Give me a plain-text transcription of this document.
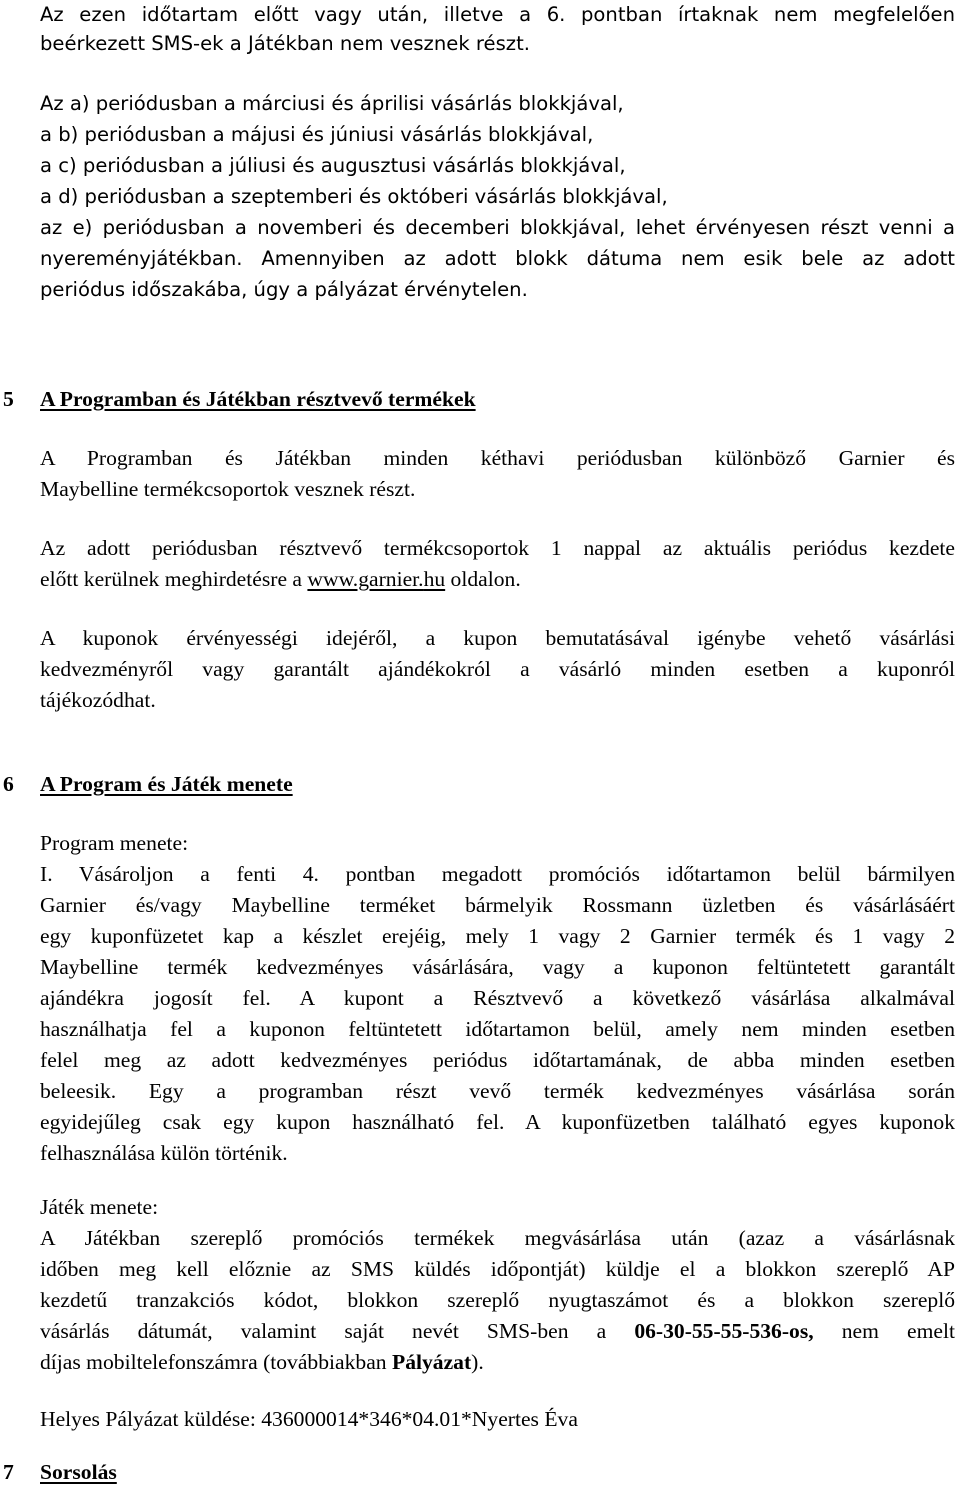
Az ezen időtartam előtt vagy után, illetve a 6. pontban írtaknak nem megfelelően
beérkezett SMS-ek a Játékban nem vesznek részt.
Az a) periódusban a márciusi és áprilisi vásárlás blokkjával,
a b) periódusban a májusi és júniusi vásárlás blokkjával,
a c) periódusban a júliusi és augusztusi vásárlás blokkjával,
a d) periódusban a szeptemberi és októberi vásárlás blokkjával,
az e) periódusban a novemberi és decemberi blokkjával, lehet érvényesen részt venni a
nyereményjátékban. Amennyiben az adott blokk dátuma nem esik bele az adott
periódus időszakába, úgy a pályázat érvénytelen.
5 A Programban és Játékban résztvevő termékek
A Programban és Játékban minden kéthavi periódusban különböző Garnier és
Maybelline termékcsoportok vesznek részt.
Az adott periódusban résztvevő termékcsoportok 1 nappal az aktuális periódus kezdete
előtt kerülnek meghirdetésre a www.garnier.hu oldalon.
A kuponok érvényességi idejéről, a kupon bemutatásával igénybe vehető vásárlási
kedvezményről vagy garantált ajándékokról a vásárló minden esetben a kuponról
tájékozódhat.
6 A Program és Játék menete
Program menete:
I. Vásároljon a fenti 4. pontban megadott promóciós időtartamon belül bármilyen
Garnier és/vagy Maybelline terméket bármelyik Rossmann üzletben és vásárlásáért
egy kuponfüzetet kap a készlet erejéig, mely 1 vagy 2 Garnier termék és 1 vagy 2
Maybelline termék kedvezményes vásárlására, vagy a kuponon feltüntetett garantált
ajándékra jogosít fel. A kupont a Résztvevő a következő vásárlása alkalmával
használhatja fel a kuponon feltüntetett időtartamon belül, amely nem minden esetben
felel meg az adott kedvezményes periódus időtartamának, de abba minden esetben
beleesik. Egy a programban részt vevő termék kedvezményes vásárlása során
egyidejűleg csak egy kupon használható fel. A kuponfüzetben található egyes kuponok
felhasználása külön történik.
Játék menete:
A Játékban szereplő promóciós termékek megvásárlása után (azaz a vásárlásnak
időben meg kell előznie az SMS küldés időpontját) küldje el a blokkon szereplő AP
kezdetű tranzakciós kódot, blokkon szereplő nyugtaszámot és a blokkon szereplő
vásárlás dátumát, valamint saját nevét SMS-ben a 06-30-55-55-536-os, nem emelt
díjas mobiltelefonszámra (továbbiakban Pályázat).
Helyes Pályázat küldése: 436000014*346*04.01*Nyertes Éva
7 Sorsolás
